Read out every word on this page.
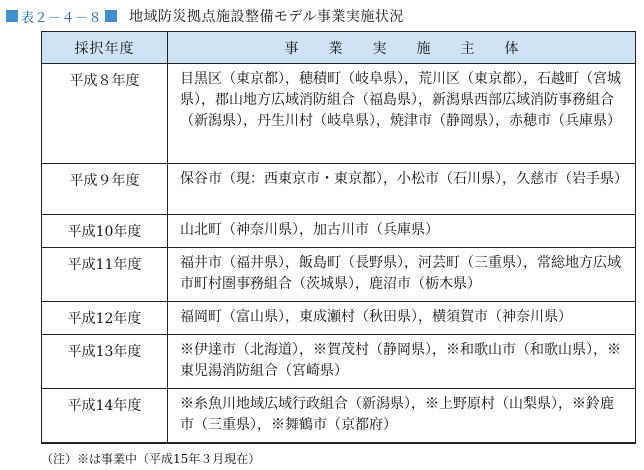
表２－４－８ 地域防災拠点施設整備モデル事業実施状況
採択年度	事業実施主体
平成８年度	目黒区（東京都），穂積町（岐阜県），荒川区（東京都），石越町（宮城県），郡山地方広域消防組合（福島県），新潟県西部広域消防事務組合（新潟県），丹生川村（岐阜県），焼津市（静岡県），赤穂市（兵庫県）
平成９年度	保谷市（現：西東京市・東京都），小松市（石川県），久慈市（岩手県）
平成10年度	山北町（神奈川県），加古川市（兵庫県）
平成11年度	福井市（福井県），飯島町（長野県），河芸町（三重県），常総地方広域市町村圏事務組合（茨城県），鹿沼市（栃木県）
平成12年度	福岡町（富山県），東成瀬村（秋田県），横須賀市（神奈川県）
平成13年度	※伊達市（北海道），※賀茂村（静岡県），※和歌山市（和歌山県），※東児湯消防組合（宮崎県）
平成14年度	※糸魚川地域広域行政組合（新潟県），※上野原村（山梨県），※鈴鹿市（三重県），※舞鶴市（京都府）
（注）※は事業中（平成15年３月現在）
